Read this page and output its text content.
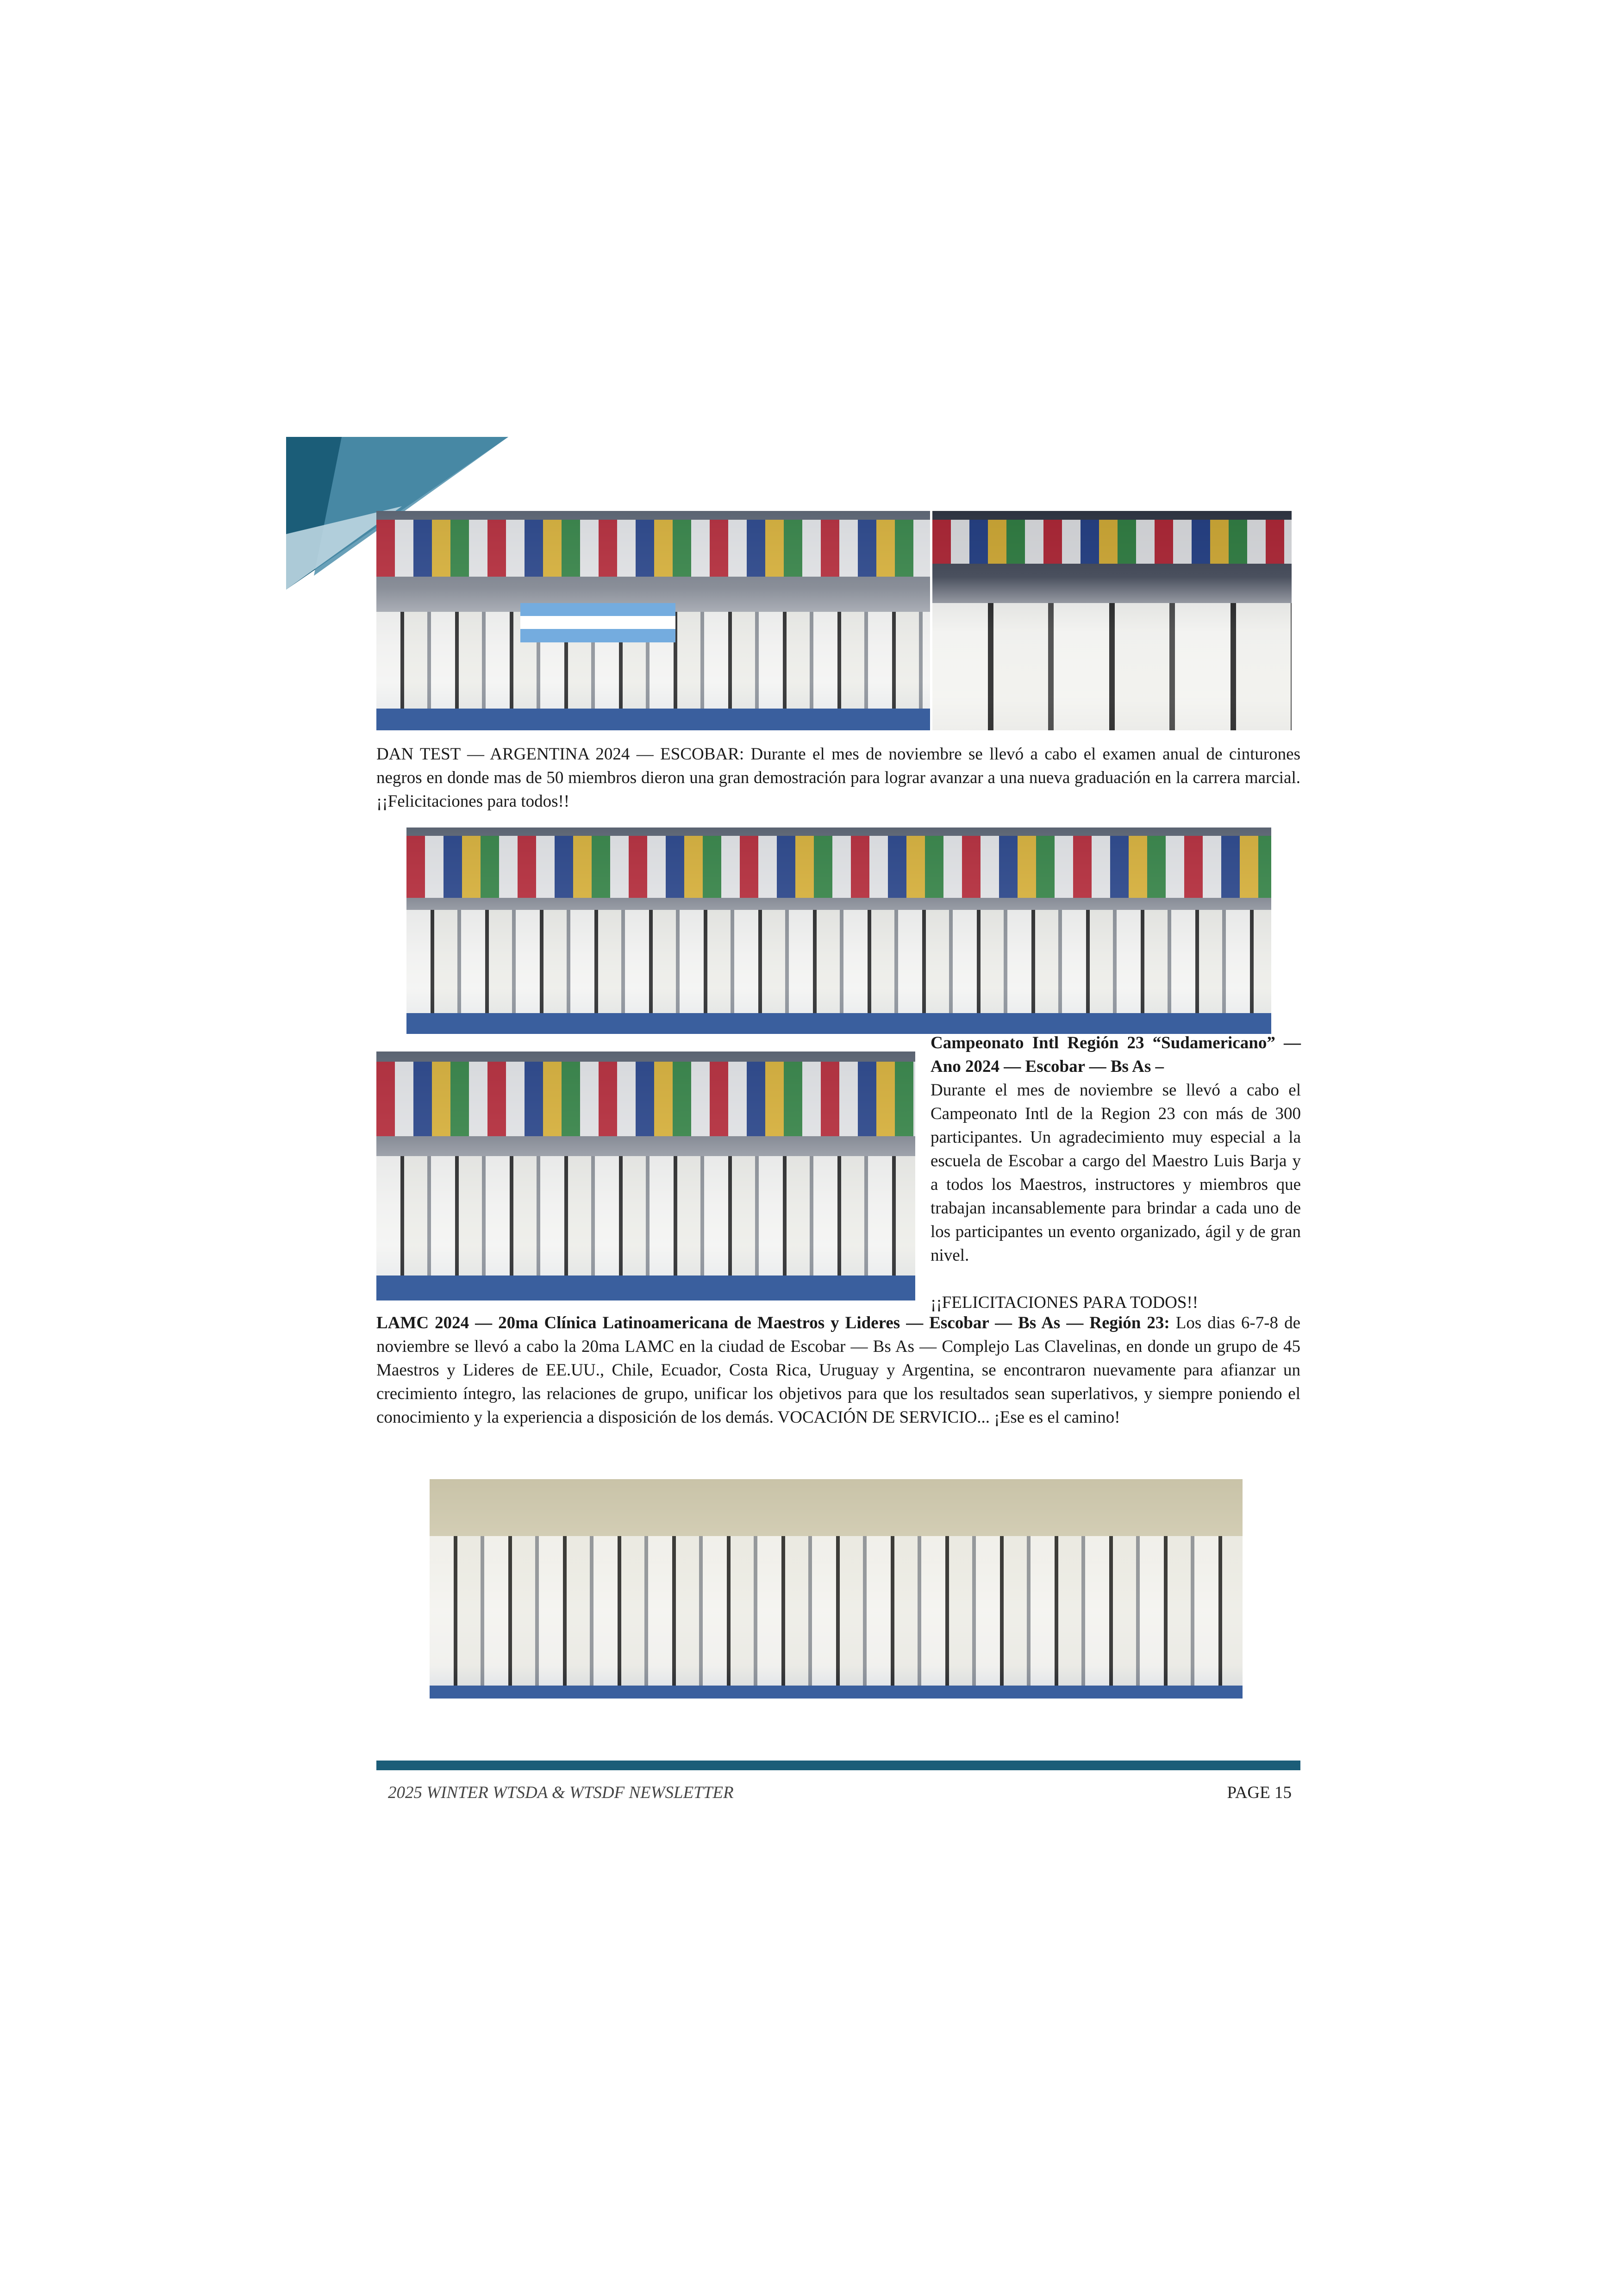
DAN TEST — ARGENTINA 2024 — ESCOBAR: Durante el mes de noviembre se llevó a cabo el examen anual de cinturones negros en donde mas de 50 miembros dieron una gran demostración para lograr avanzar a una nueva graduación en la carrera marcial. ¡¡Felicitaciones para todos!!
Campeonato Intl Región 23 “Sudamericano” — Ano 2024 — Escobar — Bs As –
Durante el mes de noviembre se llevó a cabo el Campeonato Intl de la Region 23 con más de 300 participantes. Un agradecimiento muy especial a la escuela de Escobar a cargo del Maestro Luis Barja y a todos los Maestros, instructores y miembros que trabajan incansablemente para brindar a cada uno de los participantes un evento organizado, ágil y de gran nivel.
¡¡FELICITACIONES PARA TODOS!!
LAMC 2024 — 20ma Clínica Latinoamericana de Maestros y Lideres — Escobar — Bs As — Región 23: Los dias 6-7-8 de noviembre se llevó a cabo la 20ma LAMC en la ciudad de Escobar — Bs As — Complejo Las Clavelinas, en donde un grupo de 45 Maestros y Lideres de EE.UU., Chile, Ecuador, Costa Rica, Uruguay y Argentina, se encontraron nuevamente para afianzar un crecimiento íntegro, las relaciones de grupo, unificar los objetivos para que los resultados sean superlativos, y siempre poniendo el conocimiento y la experiencia a disposición de los demás. VOCACIÓN DE SERVICIO... ¡Ese es el camino!
2025 WINTER WTSDA & WTSDF NEWSLETTER	PAGE 15
